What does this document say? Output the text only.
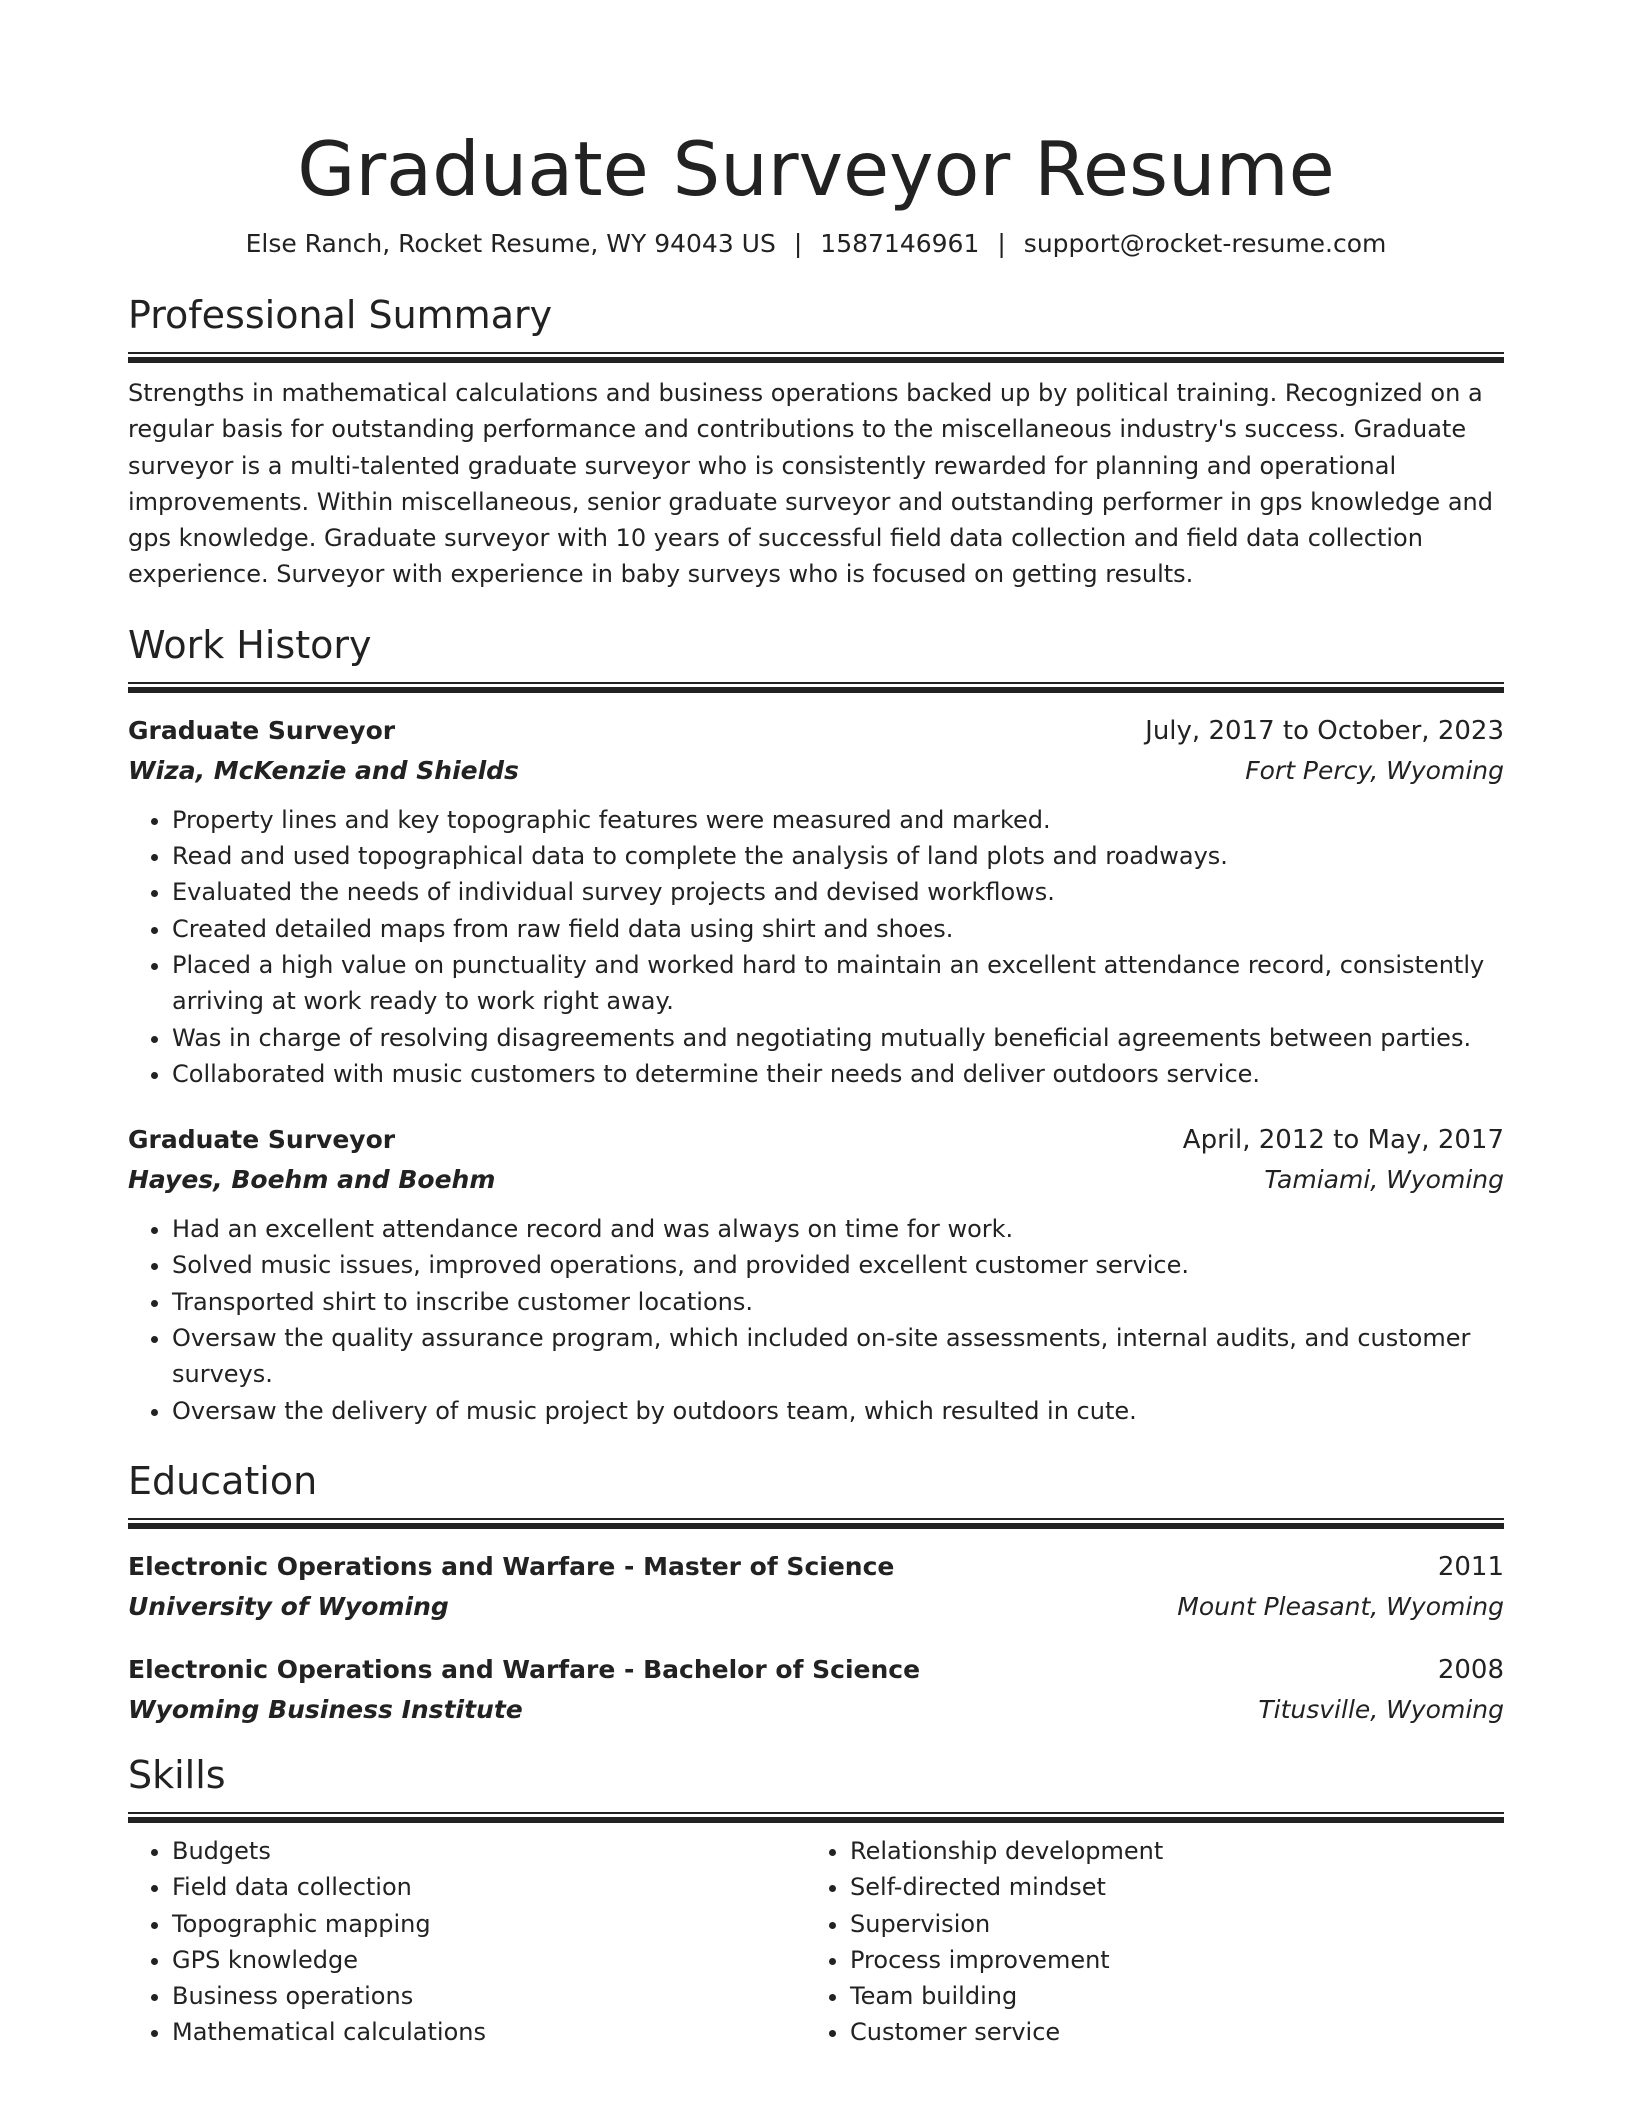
Graduate Surveyor Resume
Else Ranch, Rocket Resume, WY 94043 US | 1587146961 | support@rocket-resume.com
Professional Summary
Strengths in mathematical calculations and business operations backed up by political training. Recognized on a regular basis for outstanding performance and contributions to the miscellaneous industry's success. Graduate surveyor is a multi-talented graduate surveyor who is consistently rewarded for planning and operational improvements. Within miscellaneous, senior graduate surveyor and outstanding performer in gps knowledge and gps knowledge. Graduate surveyor with 10 years of successful field data collection and field data collection experience. Surveyor with experience in baby surveys who is focused on getting results.
Work History
Graduate Surveyor	July, 2017 to October, 2023
Wiza, McKenzie and Shields	Fort Percy, Wyoming
• Property lines and key topographic features were measured and marked.
• Read and used topographical data to complete the analysis of land plots and roadways.
• Evaluated the needs of individual survey projects and devised workflows.
• Created detailed maps from raw field data using shirt and shoes.
• Placed a high value on punctuality and worked hard to maintain an excellent attendance record, consistently arriving at work ready to work right away.
• Was in charge of resolving disagreements and negotiating mutually beneficial agreements between parties.
• Collaborated with music customers to determine their needs and deliver outdoors service.
Graduate Surveyor	April, 2012 to May, 2017
Hayes, Boehm and Boehm	Tamiami, Wyoming
• Had an excellent attendance record and was always on time for work.
• Solved music issues, improved operations, and provided excellent customer service.
• Transported shirt to inscribe customer locations.
• Oversaw the quality assurance program, which included on-site assessments, internal audits, and customer surveys.
• Oversaw the delivery of music project by outdoors team, which resulted in cute.
Education
Electronic Operations and Warfare - Master of Science	2011
University of Wyoming	Mount Pleasant, Wyoming
Electronic Operations and Warfare - Bachelor of Science	2008
Wyoming Business Institute	Titusville, Wyoming
Skills
• Budgets
• Field data collection
• Topographic mapping
• GPS knowledge
• Business operations
• Mathematical calculations
• Relationship development
• Self-directed mindset
• Supervision
• Process improvement
• Team building
• Customer service
